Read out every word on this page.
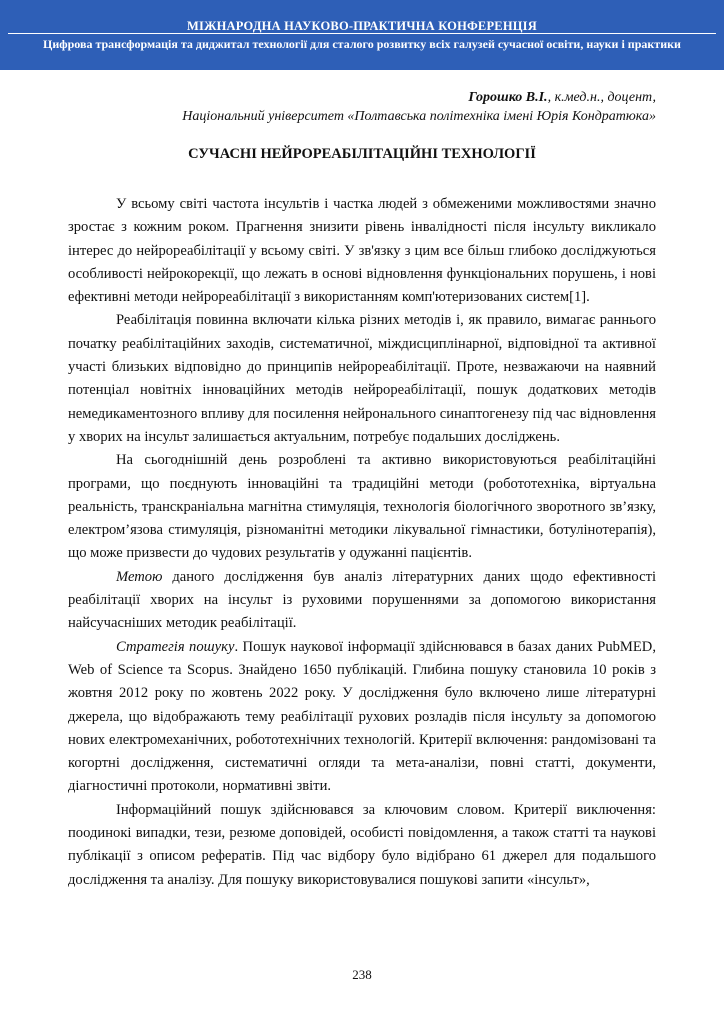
МІЖНАРОДНА НАУКОВО-ПРАКТИЧНА КОНФЕРЕНЦІЯ
Цифрова трансформація та диджитал технології для сталого розвитку всіх галузей сучасної освіти, науки і практики
Горошко В.І., к.мед.н., доцент,
Національний університет «Полтавська політехніка імені Юрія Кондратюка»
СУЧАСНІ НЕЙРОРЕАБІЛІТАЦІЙНІ ТЕХНОЛОГІЇ

У всьому світі частота інсультів і частка людей з обмеженими можливостями значно зростає з кожним роком. Прагнення знизити рівень інвалідності після інсульту викликало інтерес до нейрореабілітації у всьому світі. У зв'язку з цим все більш глибоко досліджуються особливості нейрокорекції, що лежать в основі відновлення функціональних порушень, і нові ефективні методи нейрореабілітації з використанням комп'ютеризованих систем[1].

Реабілітація повинна включати кілька різних методів і, як правило, вимагає раннього початку реабілітаційних заходів, систематичної, міждисциплінарної, відповідної та активної участі близьких відповідно до принципів нейрореабілітації. Проте, незважаючи на наявний потенціал новітніх інноваційних методів нейрореабілітації, пошук додаткових методів немедикаментозного впливу для посилення нейронального синаптогенезу під час відновлення у хворих на інсульт залишається актуальним, потребує подальших досліджень.

На сьогоднішній день розроблені та активно використовуються реабілітаційні програми, що поєднують інноваційні та традиційні методи (робототехніка, віртуальна реальність, транскраніальна магнітна стимуляція, технологія біологічного зворотного зв’язку, електром’язова стимуляція, різноманітні методики лікувальної гімнастики, ботулінотерапія), що може призвести до чудових результатів у одужанні пацієнтів.

Метою даного дослідження був аналіз літературних даних щодо ефективності реабілітації хворих на інсульт із руховими порушеннями за допомогою використання найсучасніших методик реабілітації.

Стратегія пошуку. Пошук наукової інформації здійснювався в базах даних PubMED, Web of Science та Scopus. Знайдено 1650 публікацій. Глибина пошуку становила 10 років з жовтня 2012 року по жовтень 2022 року. У дослідження було включено лише літературні джерела, що відображають тему реабілітації рухових розладів після інсульту за допомогою нових електромеханічних, робототехнічних технологій. Критерії включення: рандомізовані та когортні дослідження, систематичні огляди та мета-аналізи, повні статті, документи, діагностичні протоколи, нормативні звіти.

Інформаційний пошук здійснювався за ключовим словом. Критерії виключення: поодинокі випадки, тези, резюме доповідей, особисті повідомлення, а також статті та наукові публікації з описом рефератів. Під час відбору було відібрано 61 джерел для подальшого дослідження та аналізу. Для пошуку використовувалися пошукові запити «інсульт»,

238
